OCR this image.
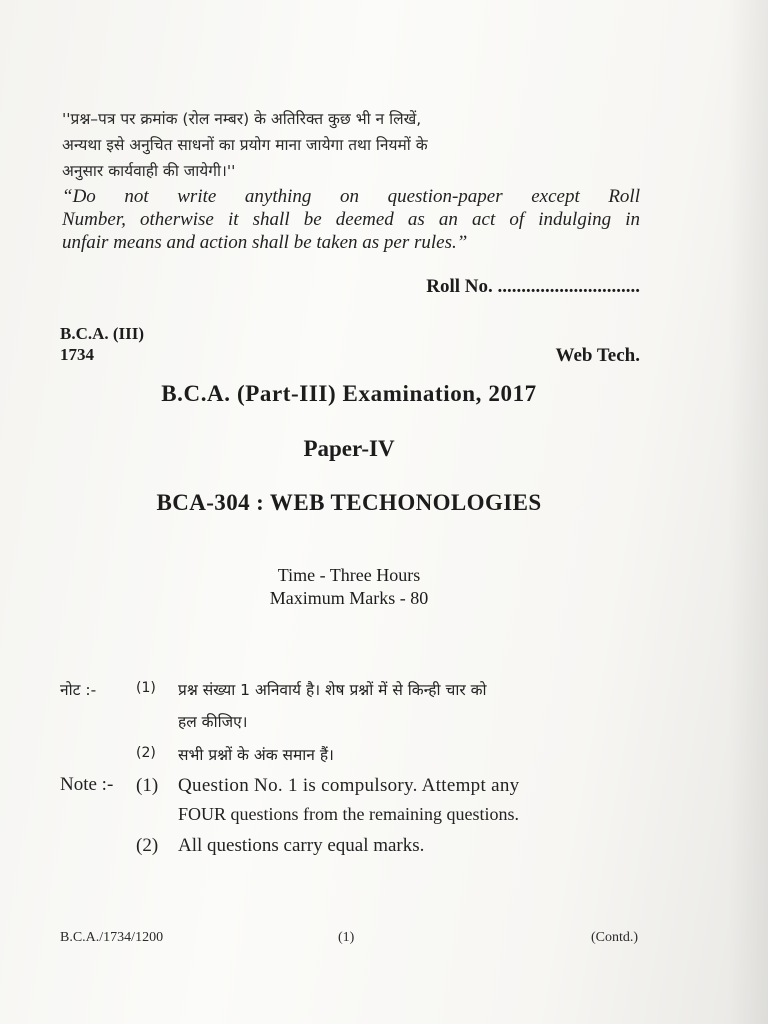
''प्रश्न–पत्र पर क्रमांक (रोल नम्बर) के अतिरिक्त कुछ भी न लिखें,
अन्यथा इसे अनुचित साधनों का प्रयोग माना जायेगा तथा नियमों के
अनुसार कार्यवाही की जायेगी।''
“Do not write anything on question-paper except Roll
Number, otherwise it shall be deemed as an act of indulging in
unfair means and action shall be taken as per rules.”
Roll No. ..............................
B.C.A. (III)
1734	Web Tech.
B.C.A. (Part-III) Examination, 2017
Paper-IV
BCA-304 : WEB TECHONOLOGIES
Time - Three Hours
Maximum Marks - 80
नोट :-	(1) प्रश्न संख्या 1 अनिवार्य है। शेष प्रश्नों में से किन्ही चार को
हल कीजिए।
(2) सभी प्रश्नों के अंक समान हैं।
Note :- (1) Question No. 1 is compulsory. Attempt any
FOUR questions from the remaining questions.
(2) All questions carry equal marks.
B.C.A./1734/1200	(1)	(Contd.)
